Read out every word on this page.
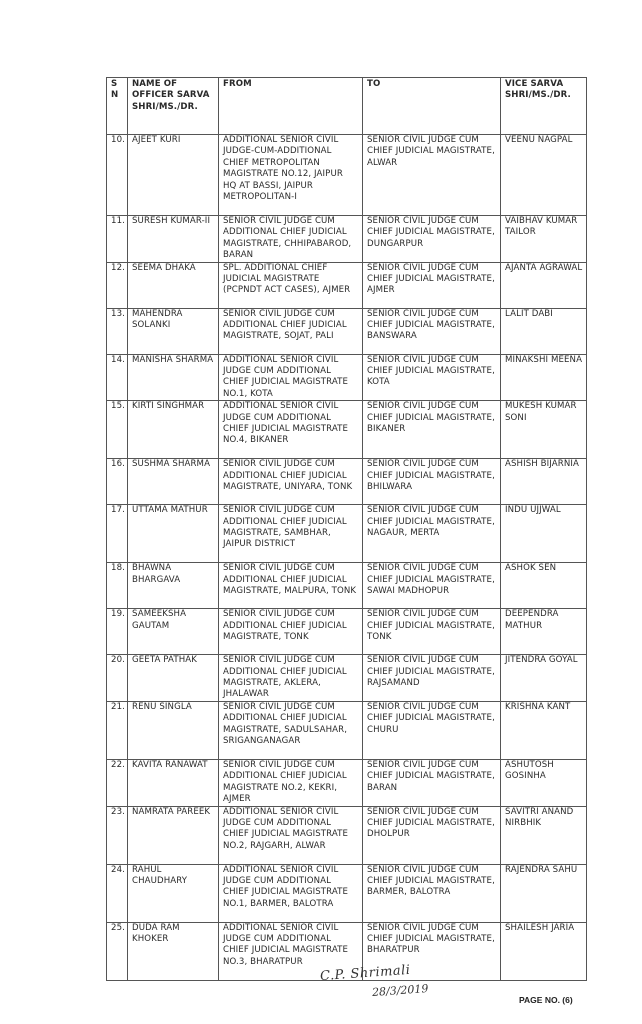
S N	NAME OF OFFICER SARVA SHRI/MS./DR.	FROM	TO	VICE SARVA SHRI/MS./DR.
10.	AJEET KURI	ADDITIONAL SENIOR CIVIL JUDGE-CUM-ADDITIONAL CHIEF METROPOLITAN MAGISTRATE NO.12, JAIPUR HQ AT BASSI, JAIPUR METROPOLITAN-I	SENIOR CIVIL JUDGE CUM CHIEF JUDICIAL MAGISTRATE, ALWAR	VEENU NAGPAL
11.	SURESH KUMAR-II	SENIOR CIVIL JUDGE CUM ADDITIONAL CHIEF JUDICIAL MAGISTRATE, CHHIPABAROD, BARAN	SENIOR CIVIL JUDGE CUM CHIEF JUDICIAL MAGISTRATE, DUNGARPUR	VAIBHAV KUMAR TAILOR
12.	SEEMA DHAKA	SPL. ADDITIONAL CHIEF JUDICIAL MAGISTRATE (PCPNDT ACT CASES), AJMER	SENIOR CIVIL JUDGE CUM CHIEF JUDICIAL MAGISTRATE, AJMER	AJANTA AGRAWAL
13.	MAHENDRA SOLANKI	SENIOR CIVIL JUDGE CUM ADDITIONAL CHIEF JUDICIAL MAGISTRATE, SOJAT, PALI	SENIOR CIVIL JUDGE CUM CHIEF JUDICIAL MAGISTRATE, BANSWARA	LALIT DABI
14.	MANISHA SHARMA	ADDITIONAL SENIOR CIVIL JUDGE CUM ADDITIONAL CHIEF JUDICIAL MAGISTRATE NO.1, KOTA	SENIOR CIVIL JUDGE CUM CHIEF JUDICIAL MAGISTRATE, KOTA	MINAKSHI MEENA
15.	KIRTI SINGHMAR	ADDITIONAL SENIOR CIVIL JUDGE CUM ADDITIONAL CHIEF JUDICIAL MAGISTRATE NO.4, BIKANER	SENIOR CIVIL JUDGE CUM CHIEF JUDICIAL MAGISTRATE, BIKANER	MUKESH KUMAR SONI
16.	SUSHMA SHARMA	SENIOR CIVIL JUDGE CUM ADDITIONAL CHIEF JUDICIAL MAGISTRATE, UNIYARA, TONK	SENIOR CIVIL JUDGE CUM CHIEF JUDICIAL MAGISTRATE, BHILWARA	ASHISH BIJARNIA
17.	UTTAMA MATHUR	SENIOR CIVIL JUDGE CUM ADDITIONAL CHIEF JUDICIAL MAGISTRATE, SAMBHAR, JAIPUR DISTRICT	SENIOR CIVIL JUDGE CUM CHIEF JUDICIAL MAGISTRATE, NAGAUR, MERTA	INDU UJJWAL
18.	BHAWNA BHARGAVA	SENIOR CIVIL JUDGE CUM ADDITIONAL CHIEF JUDICIAL MAGISTRATE, MALPURA, TONK	SENIOR CIVIL JUDGE CUM CHIEF JUDICIAL MAGISTRATE, SAWAI MADHOPUR	ASHOK SEN
19.	SAMEEKSHA GAUTAM	SENIOR CIVIL JUDGE CUM ADDITIONAL CHIEF JUDICIAL MAGISTRATE, TONK	SENIOR CIVIL JUDGE CUM CHIEF JUDICIAL MAGISTRATE, TONK	DEEPENDRA MATHUR
20.	GEETA PATHAK	SENIOR CIVIL JUDGE CUM ADDITIONAL CHIEF JUDICIAL MAGISTRATE, AKLERA, JHALAWAR	SENIOR CIVIL JUDGE CUM CHIEF JUDICIAL MAGISTRATE, RAJSAMAND	JITENDRA GOYAL
21.	RENU SINGLA	SENIOR CIVIL JUDGE CUM ADDITIONAL CHIEF JUDICIAL MAGISTRATE, SADULSAHAR, SRIGANGANAGAR	SENIOR CIVIL JUDGE CUM CHIEF JUDICIAL MAGISTRATE, CHURU	KRISHNA KANT
22.	KAVITA RANAWAT	SENIOR CIVIL JUDGE CUM ADDITIONAL CHIEF JUDICIAL MAGISTRATE NO.2, KEKRI, AJMER	SENIOR CIVIL JUDGE CUM CHIEF JUDICIAL MAGISTRATE, BARAN	ASHUTOSH GOSINHA
23.	NAMRATA PAREEK	ADDITIONAL SENIOR CIVIL JUDGE CUM ADDITIONAL CHIEF JUDICIAL MAGISTRATE NO.2, RAJGARH, ALWAR	SENIOR CIVIL JUDGE CUM CHIEF JUDICIAL MAGISTRATE, DHOLPUR	SAVITRI ANAND NIRBHIK
24.	RAHUL CHAUDHARY	ADDITIONAL SENIOR CIVIL JUDGE CUM ADDITIONAL CHIEF JUDICIAL MAGISTRATE NO.1, BARMER, BALOTRA	SENIOR CIVIL JUDGE CUM CHIEF JUDICIAL MAGISTRATE, BARMER, BALOTRA	RAJENDRA SAHU
25.	DUDA RAM KHOKER	ADDITIONAL SENIOR CIVIL JUDGE CUM ADDITIONAL CHIEF JUDICIAL MAGISTRATE NO.3, BHARATPUR	SENIOR CIVIL JUDGE CUM CHIEF JUDICIAL MAGISTRATE, BHARATPUR	SHAILESH JARIA
C.P. Shrimali
28/3/2019
PAGE NO. (6)
